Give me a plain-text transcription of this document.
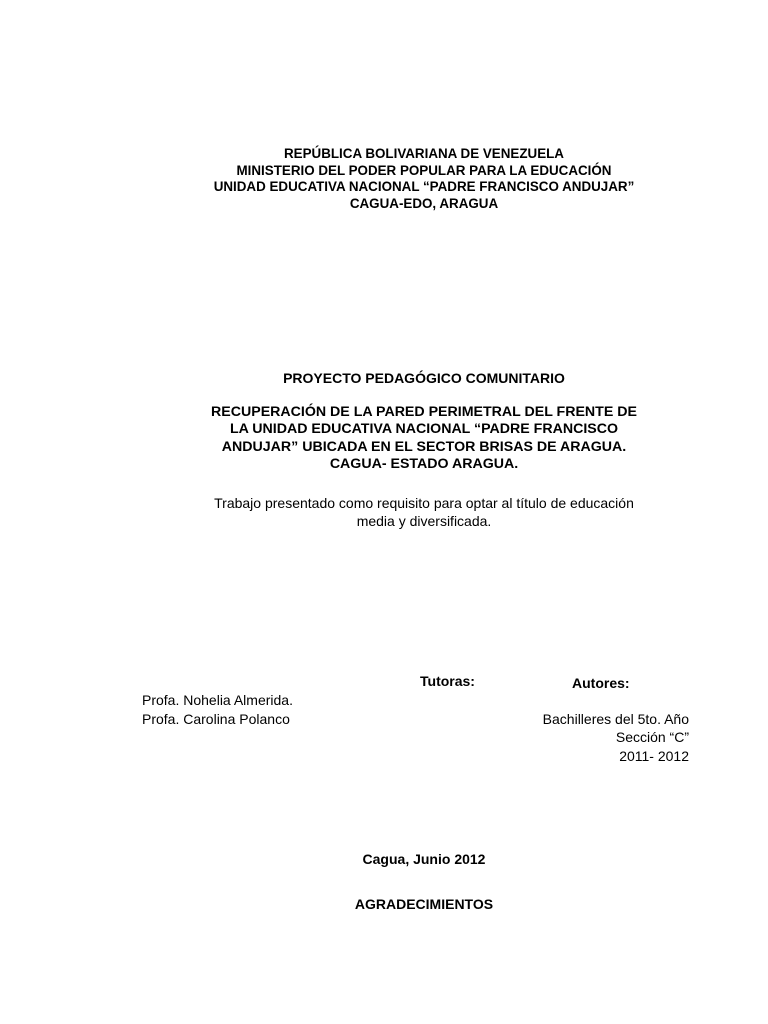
REPÚBLICA BOLIVARIANA DE VENEZUELA
MINISTERIO DEL PODER POPULAR PARA LA EDUCACIÓN
UNIDAD EDUCATIVA NACIONAL “PADRE FRANCISCO ANDUJAR”
CAGUA-EDO, ARAGUA
PROYECTO PEDAGÓGICO COMUNITARIO
RECUPERACIÓN DE LA PARED PERIMETRAL DEL FRENTE DE
LA UNIDAD EDUCATIVA NACIONAL “PADRE FRANCISCO
ANDUJAR” UBICADA EN EL SECTOR BRISAS DE ARAGUA.
CAGUA- ESTADO ARAGUA.
Trabajo presentado como requisito para optar al título de educación
media y diversificada.
Tutoras:	Autores:
Profa. Nohelia Almerida.
Profa. Carolina Polanco	Bachilleres del 5to. Año
Sección “C”
2011- 2012
Cagua, Junio 2012
AGRADECIMIENTOS
